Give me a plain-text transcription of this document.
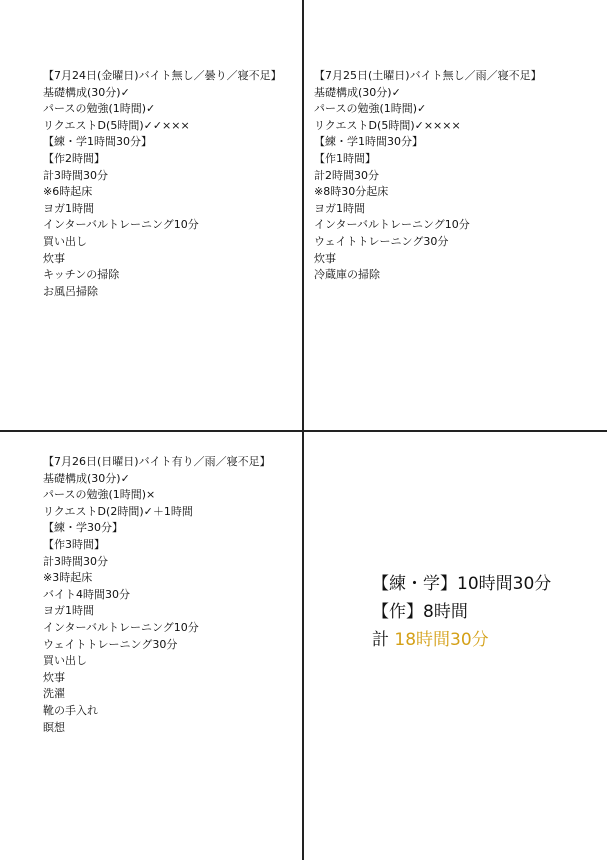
【7月24日(金曜日)バイト無し／曇り／寝不足】
基礎構成(30分)✓
パースの勉強(1時間)✓
リクエストD(5時間)✓✓×××
【練・学1時間30分】
【作2時間】
計3時間30分
※6時起床
ヨガ1時間
インターバルトレーニング10分
買い出し
炊事
キッチンの掃除
お風呂掃除
【7月25日(土曜日)バイト無し／雨／寝不足】
基礎構成(30分)✓
パースの勉強(1時間)✓
リクエストD(5時間)✓××××
【練・学1時間30分】
【作1時間】
計2時間30分
※8時30分起床
ヨガ1時間
インターバルトレーニング10分
ウェイトトレーニング30分
炊事
冷蔵庫の掃除
【7月26日(日曜日)バイト有り／雨／寝不足】
基礎構成(30分)✓
パースの勉強(1時間)×
リクエストD(2時間)✓＋1時間
【練・学30分】
【作3時間】
計3時間30分
※3時起床
バイト4時間30分
ヨガ1時間
インターバルトレーニング10分
ウェイトトレーニング30分
買い出し
炊事
洗濯
靴の手入れ
瞑想
【練・学】10時間30分
【作】8時間
計 18時間30分
